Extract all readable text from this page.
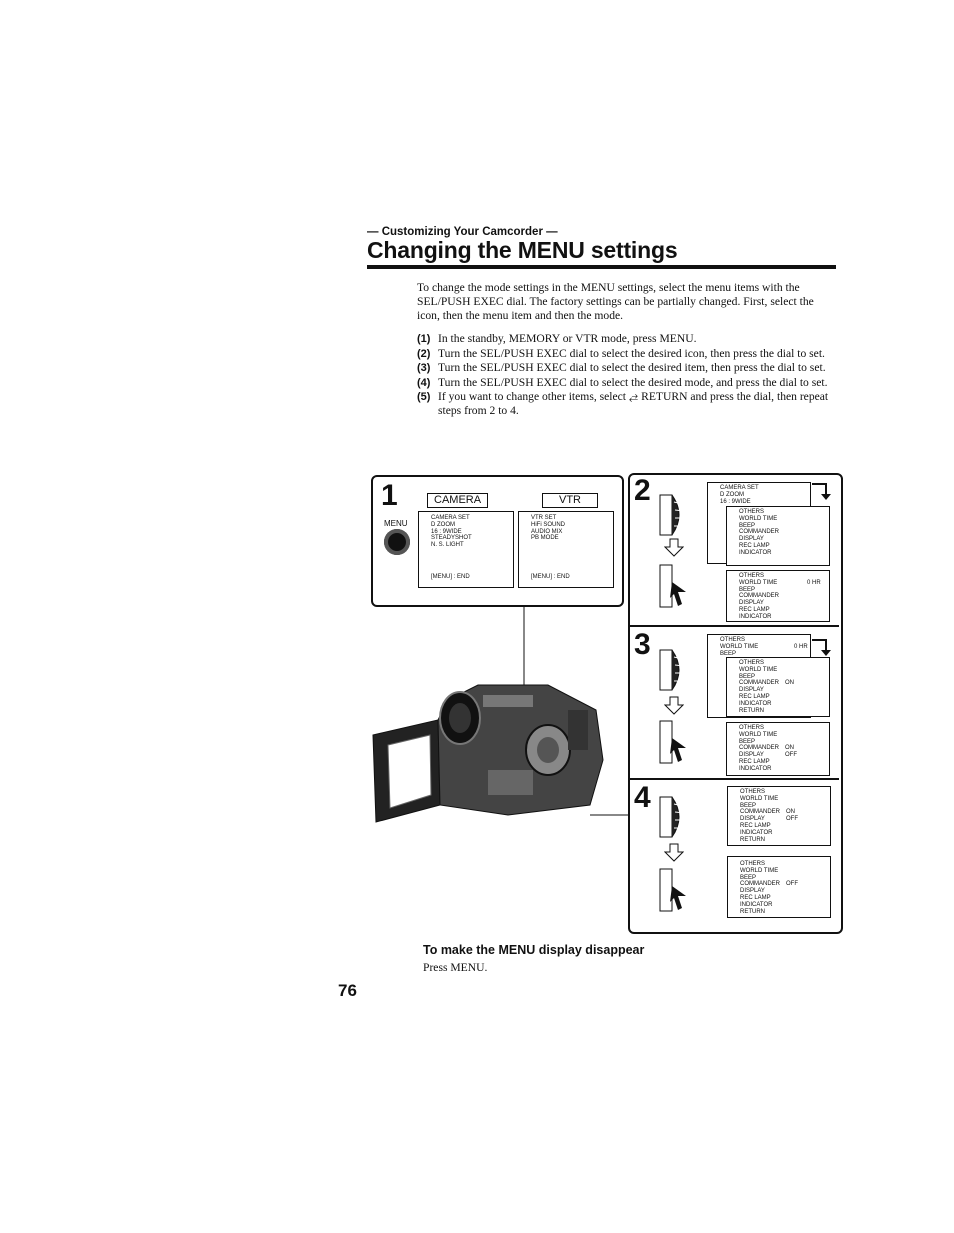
— Customizing Your Camcorder —
Changing the MENU settings
To change the mode settings in the MENU settings, select the menu items with the SEL/PUSH EXEC dial. The factory settings can be partially changed. First, select the icon, then the menu item and then the mode.
(1) In the standby, MEMORY or VTR mode, press MENU.
(2) Turn the SEL/PUSH EXEC dial to select the desired icon, then press the dial to set.
(3) Turn the SEL/PUSH EXEC dial to select the desired item, then press the dial to set.
(4) Turn the SEL/PUSH EXEC dial to select the desired mode, and press the dial to set.
(5) If you want to change other items, select ⥄ RETURN and press the dial, then repeat steps from 2 to 4.
1
MENU
CAMERA	VTR
CAMERA SET
D ZOOM
16 : 9WIDE
STEADYSHOT
N. S. LIGHT
[MENU] : END
VTR SET
HiFi SOUND
AUDIO MIX
PB MODE
[MENU] : END
2	CAMERA SET
D ZOOM
16 : 9WIDE
OTHERS
WORLD TIME
BEEP
COMMANDER
DISPLAY
REC LAMP
INDICATOR
OTHERS
WORLD TIME
BEEP
COMMANDER
DISPLAY
REC LAMP
INDICATOR
0 HR
3	OTHERS
WORLD TIME
BEEP
0 HR
OTHERS
WORLD TIME
BEEP
COMMANDER
DISPLAY
REC LAMP
INDICATOR
RETURN
ON
OTHERS
WORLD TIME
BEEP
COMMANDER
DISPLAY
REC LAMP
INDICATOR
ON
OFF
4	OTHERS
WORLD TIME
BEEP
COMMANDER
DISPLAY
REC LAMP
INDICATOR
RETURN
ON
OFF
OTHERS
WORLD TIME
BEEP
COMMANDER
DISPLAY
REC LAMP
INDICATOR
RETURN
OFF
To make the MENU display disappear
Press MENU.
76
